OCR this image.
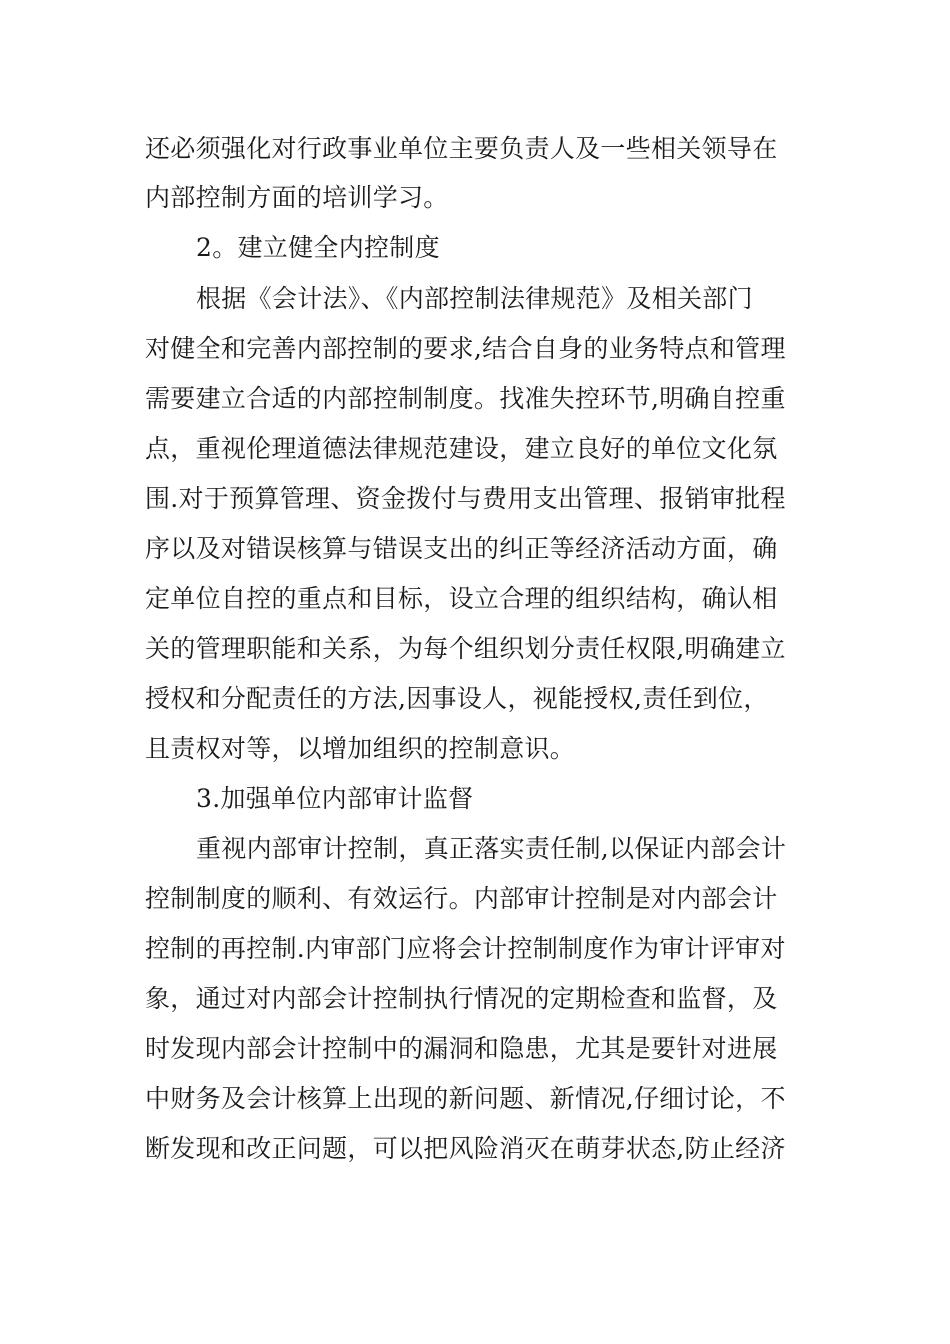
还必须强化对行政事业单位主要负责人及一些相关领导在
内部控制方面的培训学习。
2。建立健全内控制度
根据《会计法》、《内部控制法律规范》及相关部门
对健全和完善内部控制的要求,结合自身的业务特点和管理
需要建立合适的内部控制制度。找准失控环节,明确自控重
点，重视伦理道德法律规范建设，建立良好的单位文化氛
围.对于预算管理、资金拨付与费用支出管理、报销审批程
序以及对错误核算与错误支出的纠正等经济活动方面，确
定单位自控的重点和目标，设立合理的组织结构，确认相
关的管理职能和关系，为每个组织划分责任权限,明确建立
授权和分配责任的方法,因事设人，视能授权,责任到位，
且责权对等，以增加组织的控制意识。
3.加强单位内部审计监督
重视内部审计控制，真正落实责任制,以保证内部会计
控制制度的顺利、有效运行。内部审计控制是对内部会计
控制的再控制.内审部门应将会计控制制度作为审计评审对
象，通过对内部会计控制执行情况的定期检查和监督，及
时发现内部会计控制中的漏洞和隐患，尤其是要针对进展
中财务及会计核算上出现的新问题、新情况,仔细讨论，不
断发现和改正问题，可以把风险消灭在萌芽状态,防止经济
